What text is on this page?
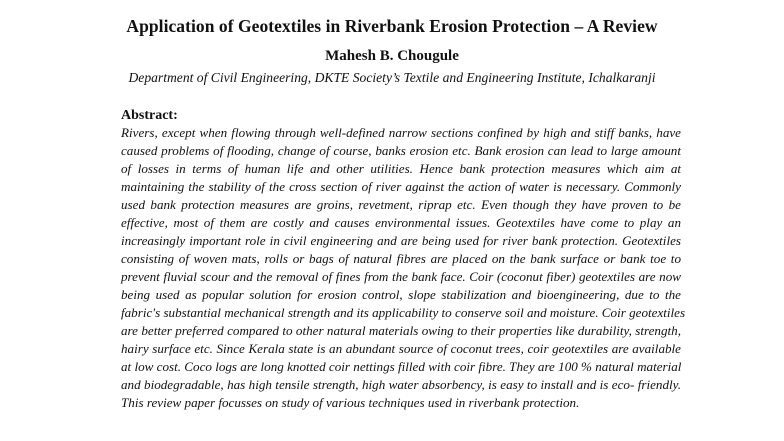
Application of Geotextiles in Riverbank Erosion Protection – A Review
Mahesh B. Chougule
Department of Civil Engineering, DKTE Society’s Textile and Engineering Institute, Ichalkaranji
Abstract:
Rivers, except when flowing through well-defined narrow sections confined by high and stiff banks, have
caused problems of flooding, change of course, banks erosion etc. Bank erosion can lead to large amount
of losses in terms of human life and other utilities. Hence bank protection measures which aim at
maintaining the stability of the cross section of river against the action of water is necessary. Commonly
used bank protection measures are groins, revetment, riprap etc. Even though they have proven to be
effective, most of them are costly and causes environmental issues. Geotextiles have come to play an
increasingly important role in civil engineering and are being used for river bank protection. Geotextiles
consisting of woven mats, rolls or bags of natural fibres are placed on the bank surface or bank toe to
prevent fluvial scour and the removal of fines from the bank face. Coir (coconut fiber) geotextiles are now
being used as popular solution for erosion control, slope stabilization and bioengineering, due to the
fabric's substantial mechanical strength and its applicability to conserve soil and moisture. Coir geotextiles
are better preferred compared to other natural materials owing to their properties like durability, strength,
hairy surface etc. Since Kerala state is an abundant source of coconut trees, coir geotextiles are available
at low cost. Coco logs are long knotted coir nettings filled with coir fibre. They are 100 % natural material
and biodegradable, has high tensile strength, high water absorbency, is easy to install and is eco- friendly.
This review paper focusses on study of various techniques used in riverbank protection.
